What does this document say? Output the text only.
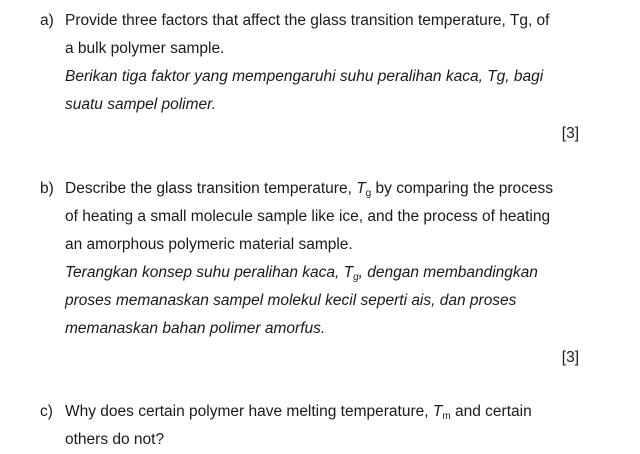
a) Provide three factors that affect the glass transition temperature, Tg, of
a bulk polymer sample.
Berikan tiga faktor yang mempengaruhi suhu peralihan kaca, Tg, bagi
suatu sampel polimer.
[3]
b) Describe the glass transition temperature, $T_g$ by comparing the process
of heating a small molecule sample like ice, and the process of heating
an amorphous polymeric material sample.
Terangkan konsep suhu peralihan kaca, $T_g$, dengan membandingkan
proses memanaskan sampel molekul kecil seperti ais, dan proses
memanaskan bahan polimer amorfus.
[3]
c) Why does certain polymer have melting temperature, $T_m$ and certain
others do not?
